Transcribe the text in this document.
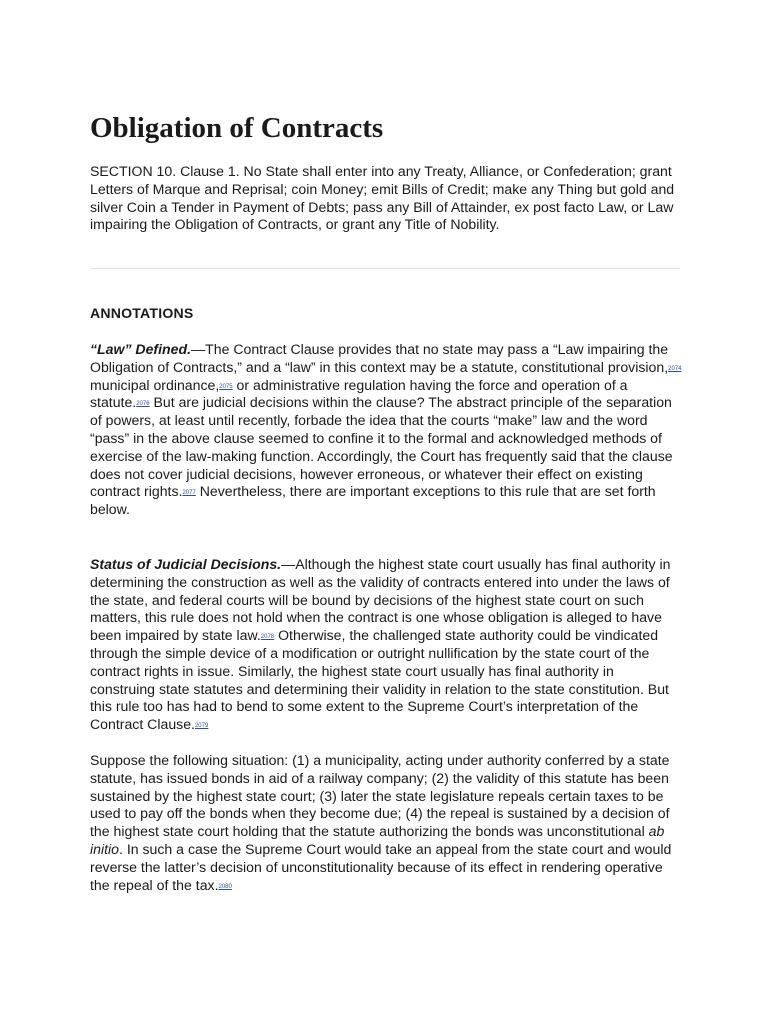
Obligation of Contracts

SECTION 10. Clause 1. No State shall enter into any Treaty, Alliance, or Confederation; grant Letters of Marque and Reprisal; coin Money; emit Bills of Credit; make any Thing but gold and silver Coin a Tender in Payment of Debts; pass any Bill of Attainder, ex post facto Law, or Law impairing the Obligation of Contracts, or grant any Title of Nobility.

ANNOTATIONS

“Law” Defined.—The Contract Clause provides that no state may pass a “Law impairing the Obligation of Contracts,” and a “law” in this context may be a statute, constitutional provision,2074 municipal ordinance,2075 or administrative regulation having the force and operation of a statute.2076 But are judicial decisions within the clause? The abstract principle of the separation of powers, at least until recently, forbade the idea that the courts “make” law and the word “pass” in the above clause seemed to confine it to the formal and acknowledged methods of exercise of the law-making function. Accordingly, the Court has frequently said that the clause does not cover judicial decisions, however erroneous, or whatever their effect on existing contract rights.2077 Nevertheless, there are important exceptions to this rule that are set forth below.

Status of Judicial Decisions.—Although the highest state court usually has final authority in determining the construction as well as the validity of contracts entered into under the laws of the state, and federal courts will be bound by decisions of the highest state court on such matters, this rule does not hold when the contract is one whose obligation is alleged to have been impaired by state law.2078 Otherwise, the challenged state authority could be vindicated through the simple device of a modification or outright nullification by the state court of the contract rights in issue. Similarly, the highest state court usually has final authority in construing state statutes and determining their validity in relation to the state constitution. But this rule too has had to bend to some extent to the Supreme Court’s interpretation of the Contract Clause.2079

Suppose the following situation: (1) a municipality, acting under authority conferred by a state statute, has issued bonds in aid of a railway company; (2) the validity of this statute has been sustained by the highest state court; (3) later the state legislature repeals certain taxes to be used to pay off the bonds when they become due; (4) the repeal is sustained by a decision of the highest state court holding that the statute authorizing the bonds was unconstitutional ab initio. In such a case the Supreme Court would take an appeal from the state court and would reverse the latter’s decision of unconstitutionality because of its effect in rendering operative the repeal of the tax.2080
